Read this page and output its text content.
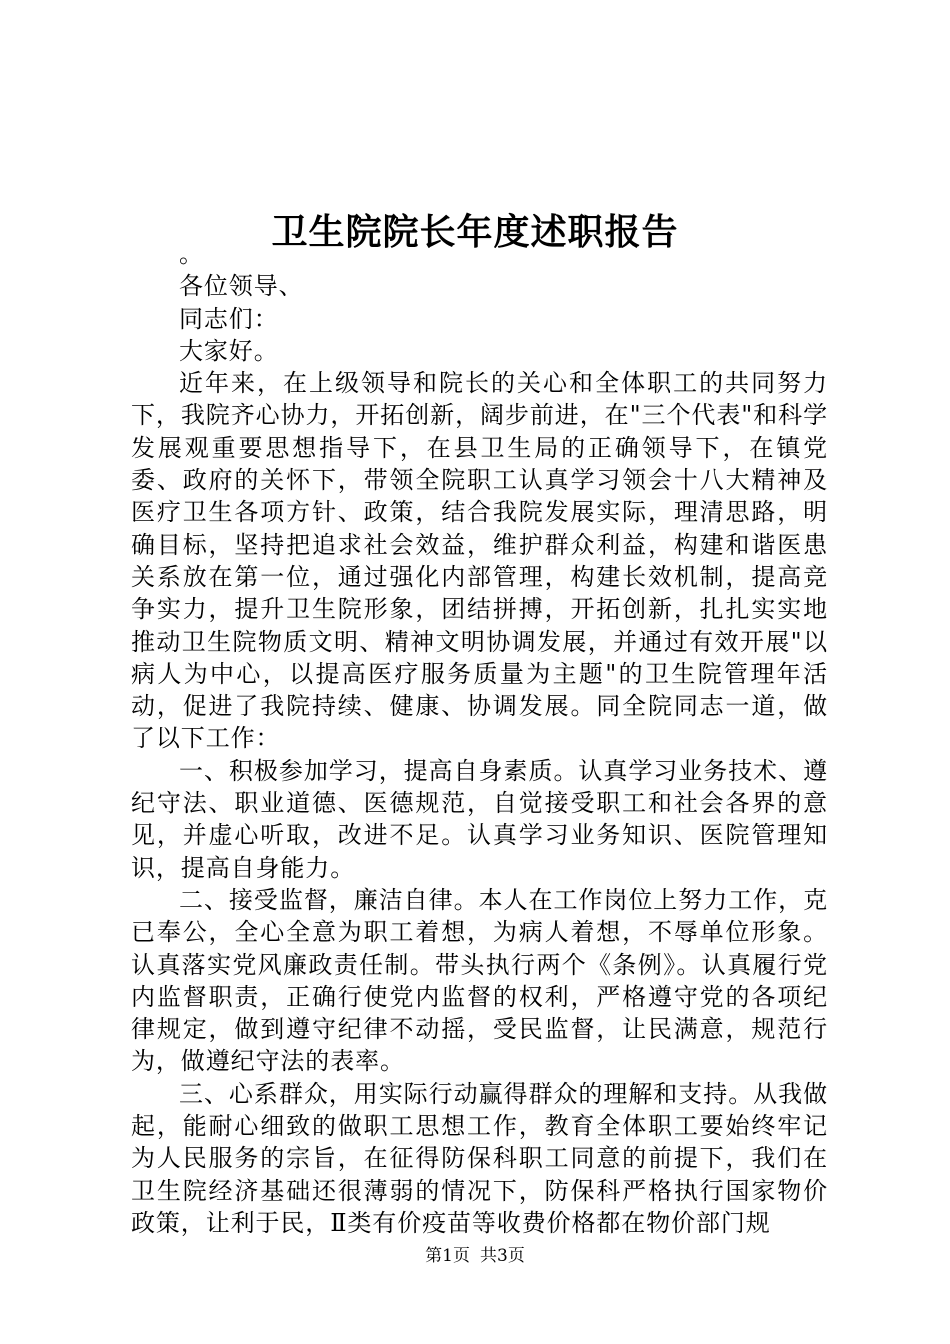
卫生院院长年度述职报告

。

各位领导、

同志们：

大家好。

近年来，在上级领导和院长的关心和全体职工的共同努力下，我院齐心协力，开拓创新，阔步前进，在"三个代表"和科学发展观重要思想指导下，在县卫生局的正确领导下，在镇党委、政府的关怀下，带领全院职工认真学习领会十八大精神及医疗卫生各项方针、政策，结合我院发展实际，理清思路，明确目标，坚持把追求社会效益，维护群众利益，构建和谐医患关系放在第一位，通过强化内部管理，构建长效机制，提高竞争实力，提升卫生院形象，团结拼搏，开拓创新，扎扎实实地推动卫生院物质文明、精神文明协调发展，并通过有效开展"以病人为中心，以提高医疗服务质量为主题"的卫生院管理年活动，促进了我院持续、健康、协调发展。同全院同志一道，做了以下工作：

一、积极参加学习，提高自身素质。认真学习业务技术、遵纪守法、职业道德、医德规范，自觉接受职工和社会各界的意见，并虚心听取，改进不足。认真学习业务知识、医院管理知识，提高自身能力。

二、接受监督，廉洁自律。本人在工作岗位上努力工作，克已奉公，全心全意为职工着想，为病人着想，不辱单位形象。认真落实党风廉政责任制。带头执行两个《条例》。认真履行党内监督职责，正确行使党内监督的权利，严格遵守党的各项纪律规定，做到遵守纪律不动摇，受民监督，让民满意，规范行为，做遵纪守法的表率。

三、心系群众，用实际行动赢得群众的理解和支持。从我做起，能耐心细致的做职工思想工作，教育全体职工要始终牢记为人民服务的宗旨，在征得防保科职工同意的前提下，我们在卫生院经济基础还很薄弱的情况下，防保科严格执行国家物价政策，让利于民，Ⅱ类有价疫苗等收费价格都在物价部门规

第1页 共3页
